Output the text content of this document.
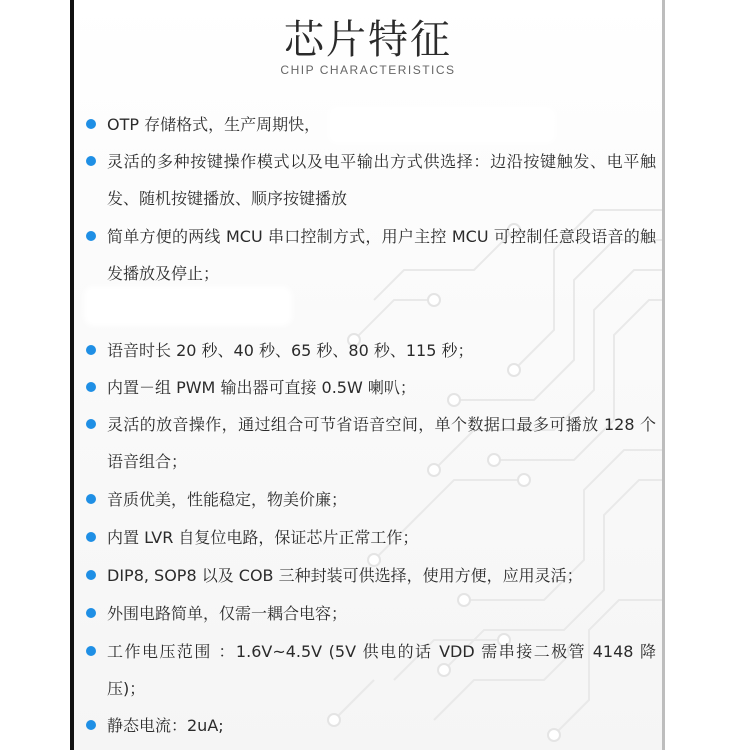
芯片特征

CHIP CHARACTERISTICS

OTP 存储格式，生产周期快，
灵活的多种按键操作模式以及电平输出方式供选择：边沿按键触发、电平触发、随机按键播放、顺序按键播放
简单方便的两线 MCU 串口控制方式，用户主控 MCU 可控制任意段语音的触发播放及停止；
语音时长 20 秒、40 秒、65 秒、80 秒、115 秒；
内置－组 PWM 输出器可直接 0.5W 喇叭；
灵活的放音操作，通过组合可节省语音空间，单个数据口最多可播放 128 个语音组合；
音质优美，性能稳定，物美价廉；
内置 LVR 自复位电路，保证芯片正常工作；
DIP8, SOP8 以及 COB 三种封装可供选择，使用方便，应用灵活；
外围电路简单，仅需一耦合电容；
工作电压范围 ：1.6V~4.5V (5V 供电的话 VDD 需串接二极管 4148 降压)；
静态电流：2uA;
